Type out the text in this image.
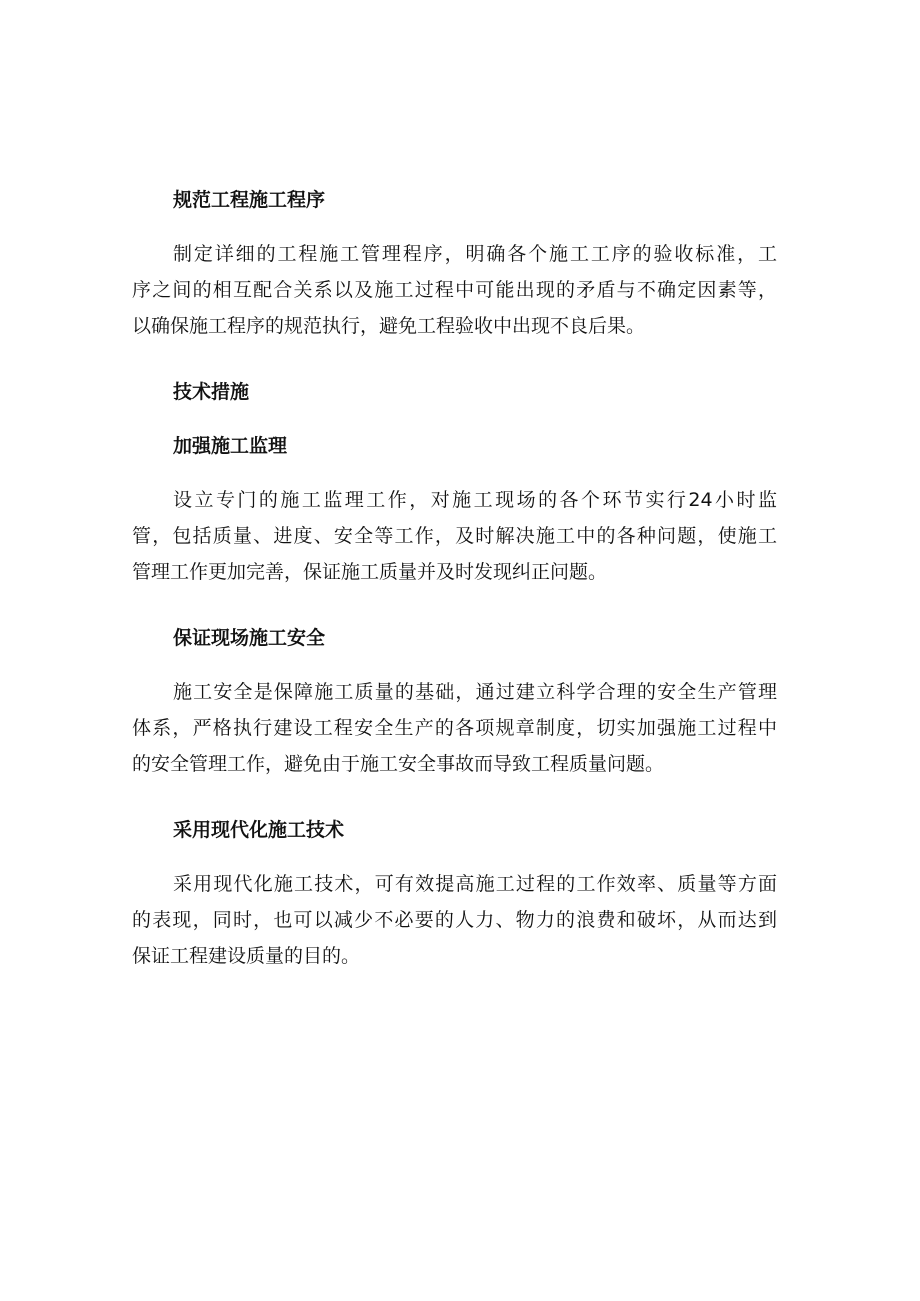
规范工程施工程序
制定详细的工程施工管理程序，明确各个施工工序的验收标准，工
序之间的相互配合关系以及施工过程中可能出现的矛盾与不确定因素等，
以确保施工程序的规范执行，避免工程验收中出现不良后果。
技术措施
加强施工监理
设立专门的施工监理工作，对施工现场的各个环节实行24小时监
管，包括质量、进度、安全等工作，及时解决施工中的各种问题，使施工
管理工作更加完善，保证施工质量并及时发现纠正问题。
保证现场施工安全
施工安全是保障施工质量的基础，通过建立科学合理的安全生产管理
体系，严格执行建设工程安全生产的各项规章制度，切实加强施工过程中
的安全管理工作，避免由于施工安全事故而导致工程质量问题。
采用现代化施工技术
采用现代化施工技术，可有效提高施工过程的工作效率、质量等方面
的表现，同时，也可以减少不必要的人力、物力的浪费和破坏，从而达到
保证工程建设质量的目的。
